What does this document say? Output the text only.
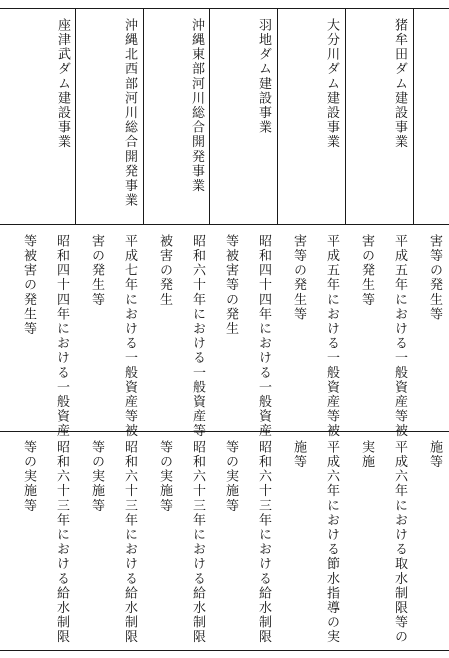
害等の発生等
施等
猪牟田ダム建設事業
平成五年における一般資産等被
害の発生等
平成六年における取水制限等の
実施
大分川ダム建設事業
平成五年における一般資産等被
害等の発生等
平成六年における節水指導の実
施等
羽地ダム建設事業
昭和四十四年における一般資産
等被害等の発生
昭和六十三年における給水制限
等の実施等
沖縄東部河川総合開発事業
昭和六十年における一般資産等
被害の発生
昭和六十三年における給水制限
等の実施等
沖縄北西部河川総合開発事業
平成七年における一般資産等被
害の発生等
昭和六十三年における給水制限
等の実施等
座津武ダム建設事業
昭和四十四年における一般資産
等被害の発生等
昭和六十三年における給水制限
等の実施等
